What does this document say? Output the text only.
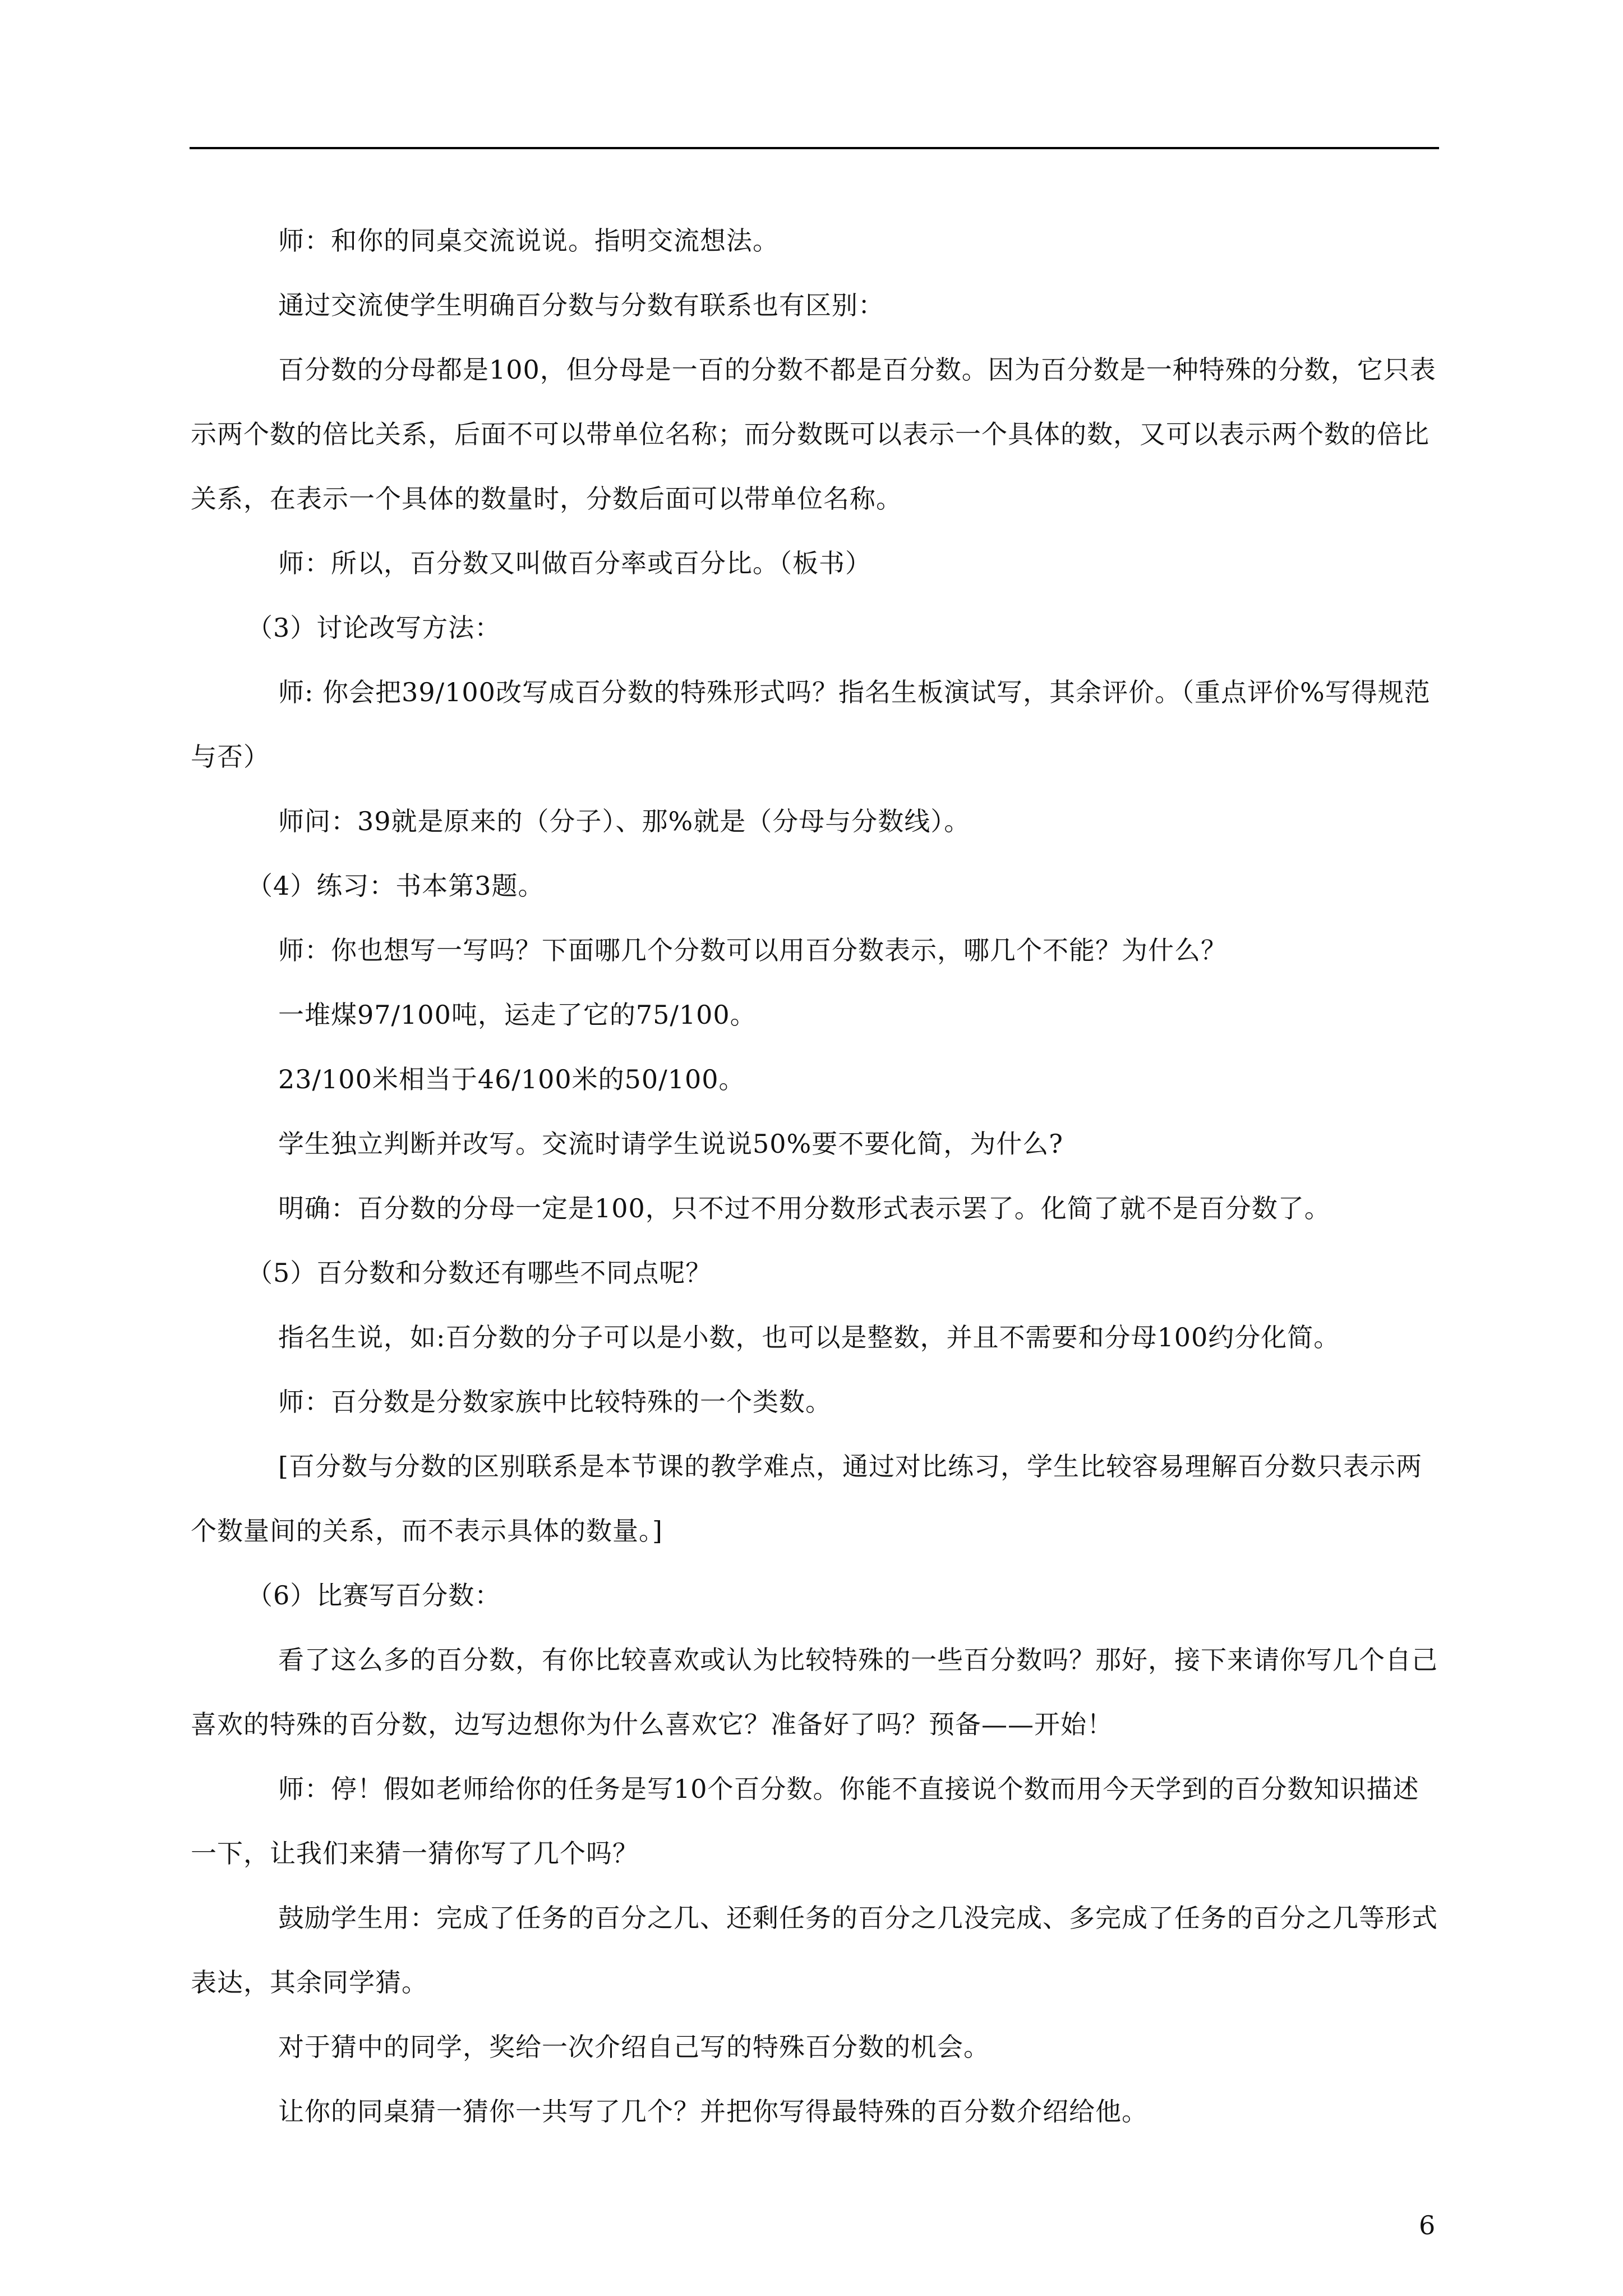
师：和你的同桌交流说说。指明交流想法。

通过交流使学生明确百分数与分数有联系也有区别：

百分数的分母都是100，但分母是一百的分数不都是百分数。因为百分数是一种特殊的分数，它只表示两个数的倍比关系，后面不可以带单位名称；而分数既可以表示一个具体的数，又可以表示两个数的倍比关系，在表示一个具体的数量时，分数后面可以带单位名称。

师：所以，百分数又叫做百分率或百分比。（板书）

（3）讨论改写方法：

师: 你会把39/100改写成百分数的特殊形式吗？指名生板演试写，其余评价。（重点评价%写得规范与否）

师问：39就是原来的（分子）、那%就是（分母与分数线）。

（4）练习：书本第3题。

师：你也想写一写吗？下面哪几个分数可以用百分数表示，哪几个不能？为什么？

一堆煤97/100吨，运走了它的75/100。

23/100米相当于46/100米的50/100。

学生独立判断并改写。交流时请学生说说50%要不要化简，为什么?

明确：百分数的分母一定是100，只不过不用分数形式表示罢了。化简了就不是百分数了。

（5）百分数和分数还有哪些不同点呢？

指名生说，如:百分数的分子可以是小数，也可以是整数，并且不需要和分母100约分化简。

师：百分数是分数家族中比较特殊的一个类数。

[百分数与分数的区别联系是本节课的教学难点，通过对比练习，学生比较容易理解百分数只表示两个数量间的关系，而不表示具体的数量。]

（6）比赛写百分数：

看了这么多的百分数，有你比较喜欢或认为比较特殊的一些百分数吗？那好，接下来请你写几个自己喜欢的特殊的百分数，边写边想你为什么喜欢它？准备好了吗？预备——开始！

师：停！假如老师给你的任务是写10个百分数。你能不直接说个数而用今天学到的百分数知识描述一下，让我们来猜一猜你写了几个吗？

鼓励学生用：完成了任务的百分之几、还剩任务的百分之几没完成、多完成了任务的百分之几等形式表达，其余同学猜。

对于猜中的同学，奖给一次介绍自己写的特殊百分数的机会。

让你的同桌猜一猜你一共写了几个？并把你写得最特殊的百分数介绍给他。

6
